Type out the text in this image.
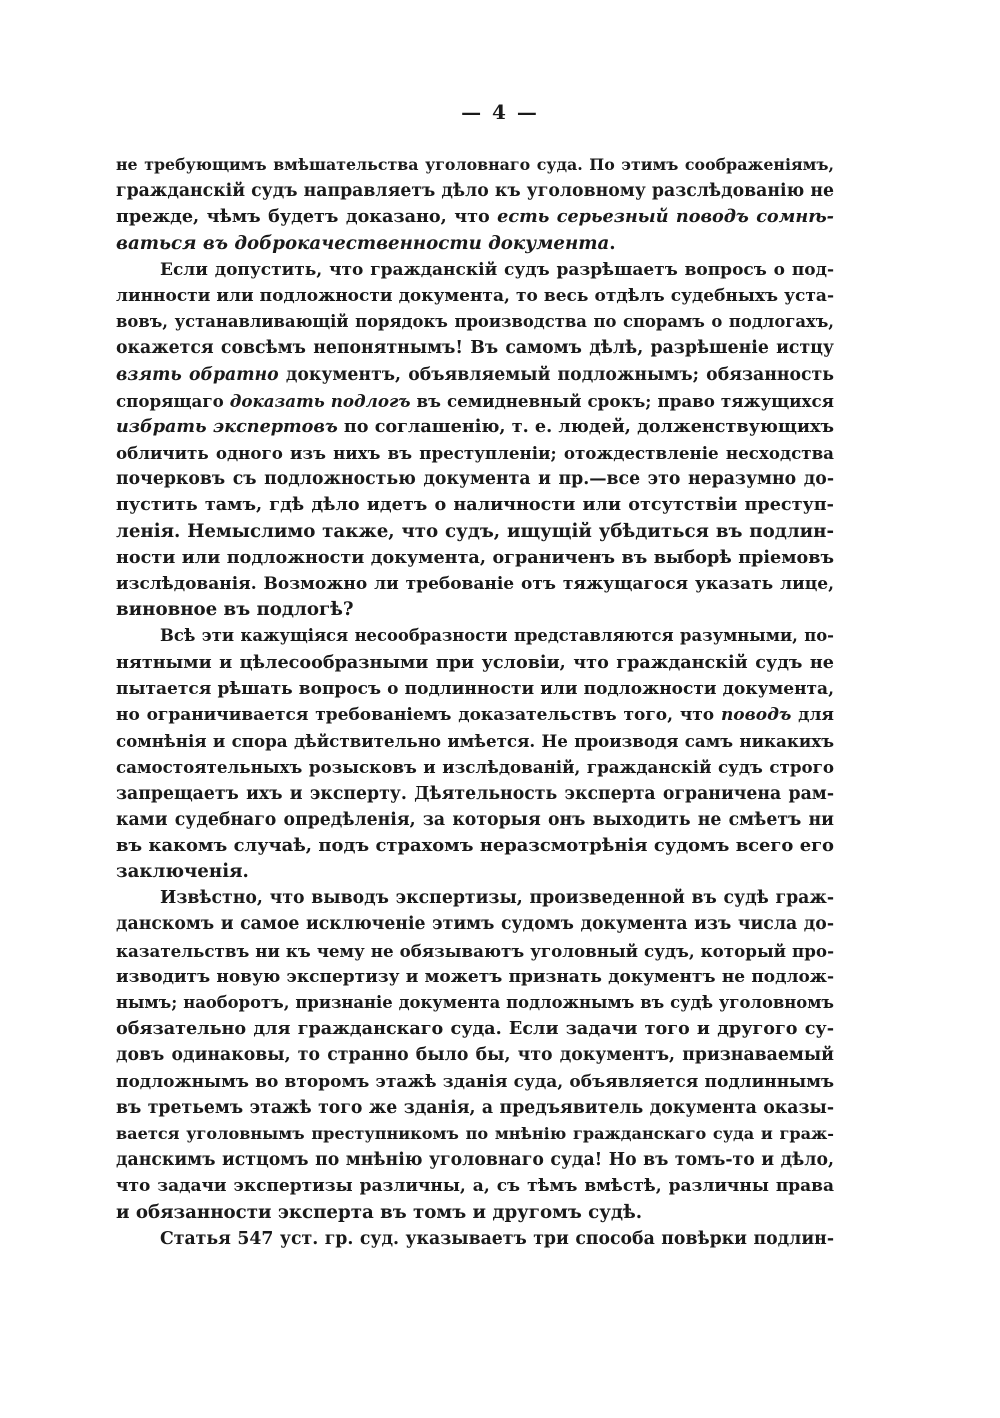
— 4 —
не требующимъ вмѣшательства уголовнаго суда. По этимъ соображеніямъ,
гражданскій судъ направляетъ дѣло къ уголовному разслѣдованію не
прежде, чѣмъ будетъ доказано, что есть серьезный поводъ сомнѣ-
ваться въ доброкачественности документа.
Если допустить, что гражданскій судъ разрѣшаетъ вопросъ о под-
линности или подложности документа, то весь отдѣлъ судебныхъ уста-
вовъ, устанавливающій порядокъ производства по спорамъ о подлогахъ,
окажется совсѣмъ непонятнымъ! Въ самомъ дѣлѣ, разрѣшеніе истцу
взять обратно документъ, объявляемый подложнымъ; обязанность
спорящаго доказать подлогъ въ семидневный срокъ; право тяжущихся
избрать экспертовъ по соглашенію, т. е. людей, долженствующихъ
обличить одного изъ нихъ въ преступленіи; отождествленіе несходства
почерковъ съ подложностью документа и пр.—все это неразумно до-
пустить тамъ, гдѣ дѣло идетъ о наличности или отсутствіи преступ-
ленія. Немыслимо также, что судъ, ищущій убѣдиться въ подлин-
ности или подложности документа, ограниченъ въ выборѣ пріемовъ
изслѣдованія. Возможно ли требованіе отъ тяжущагося указать лице,
виновное въ подлогѣ?
Всѣ эти кажущіяся несообразности представляются разумными, по-
нятными и цѣлесообразными при условіи, что гражданскій судъ не
пытается рѣшать вопросъ о подлинности или подложности документа,
но ограничивается требованіемъ доказательствъ того, что поводъ для
сомнѣнія и спора дѣйствительно имѣется. Не производя самъ никакихъ
самостоятельныхъ розысковъ и изслѣдованій, гражданскій судъ строго
запрещаетъ ихъ и эксперту. Дѣятельность эксперта ограничена рам-
ками судебнаго опредѣленія, за которыя онъ выходить не смѣетъ ни
въ какомъ случаѣ, подъ страхомъ неразсмотрѣнія судомъ всего его
заключенія.
Извѣстно, что выводъ экспертизы, произведенной въ судѣ граж-
данскомъ и самое исключеніе этимъ судомъ документа изъ числа до-
казательствъ ни къ чему не обязываютъ уголовный судъ, который про-
изводитъ новую экспертизу и можетъ признать документъ не подлож-
нымъ; наоборотъ, признаніе документа подложнымъ въ судѣ уголовномъ
обязательно для гражданскаго суда. Если задачи того и другого су-
довъ одинаковы, то странно было бы, что документъ, признаваемый
подложнымъ во второмъ этажѣ зданія суда, объявляется подлиннымъ
въ третьемъ этажѣ того же зданія, а предъявитель документа оказы-
вается уголовнымъ преступникомъ по мнѣнію гражданскаго суда и граж-
данскимъ истцомъ по мнѣнію уголовнаго суда! Но въ томъ-то и дѣло,
что задачи экспертизы различны, а, съ тѣмъ вмѣстѣ, различны права
и обязанности эксперта въ томъ и другомъ судѣ.
Статья 547 уст. гр. суд. указываетъ три способа повѣрки подлин-
